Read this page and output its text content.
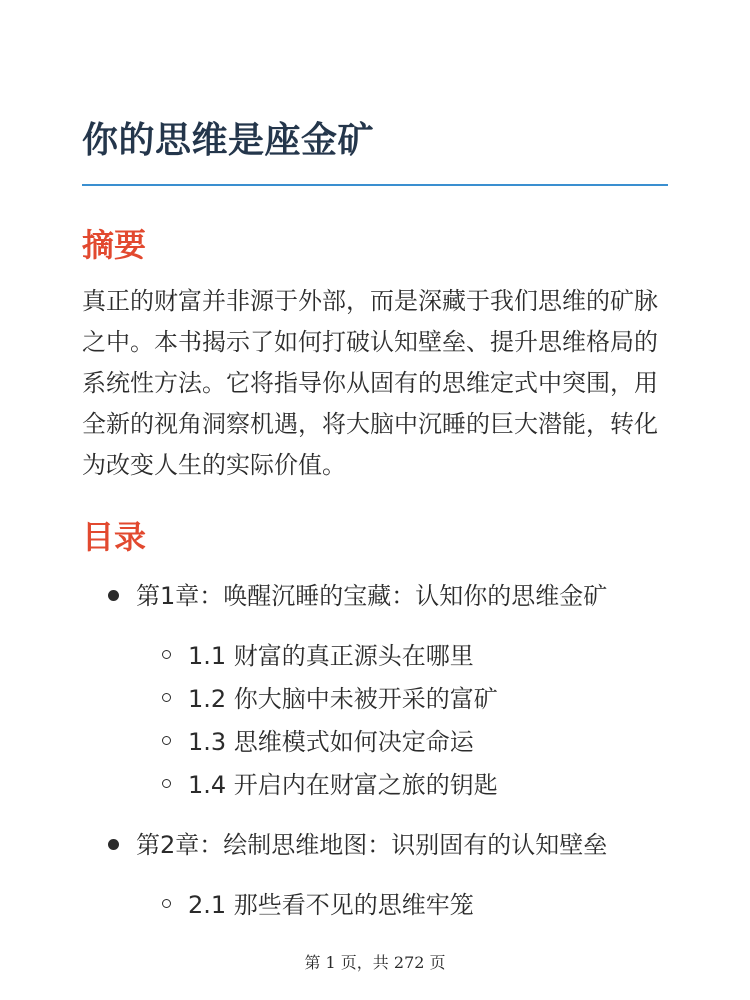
你的思维是座金矿
摘要

真正的财富并非源于外部，而是深藏于我们思维的矿脉之中。本书揭示了如何打破认知壁垒、提升思维格局的系统性方法。它将指导你从固有的思维定式中突围，用全新的视角洞察机遇，将大脑中沉睡的巨大潜能，转化为改变人生的实际价值。

目录
第1章：唤醒沉睡的宝藏：认知你的思维金矿
1.1 财富的真正源头在哪里
1.2 你大脑中未被开采的富矿
1.3 思维模式如何决定命运
1.4 开启内在财富之旅的钥匙
第2章：绘制思维地图：识别固有的认知壁垒
2.1 那些看不见的思维牢笼
第 1 页，共 272 页
